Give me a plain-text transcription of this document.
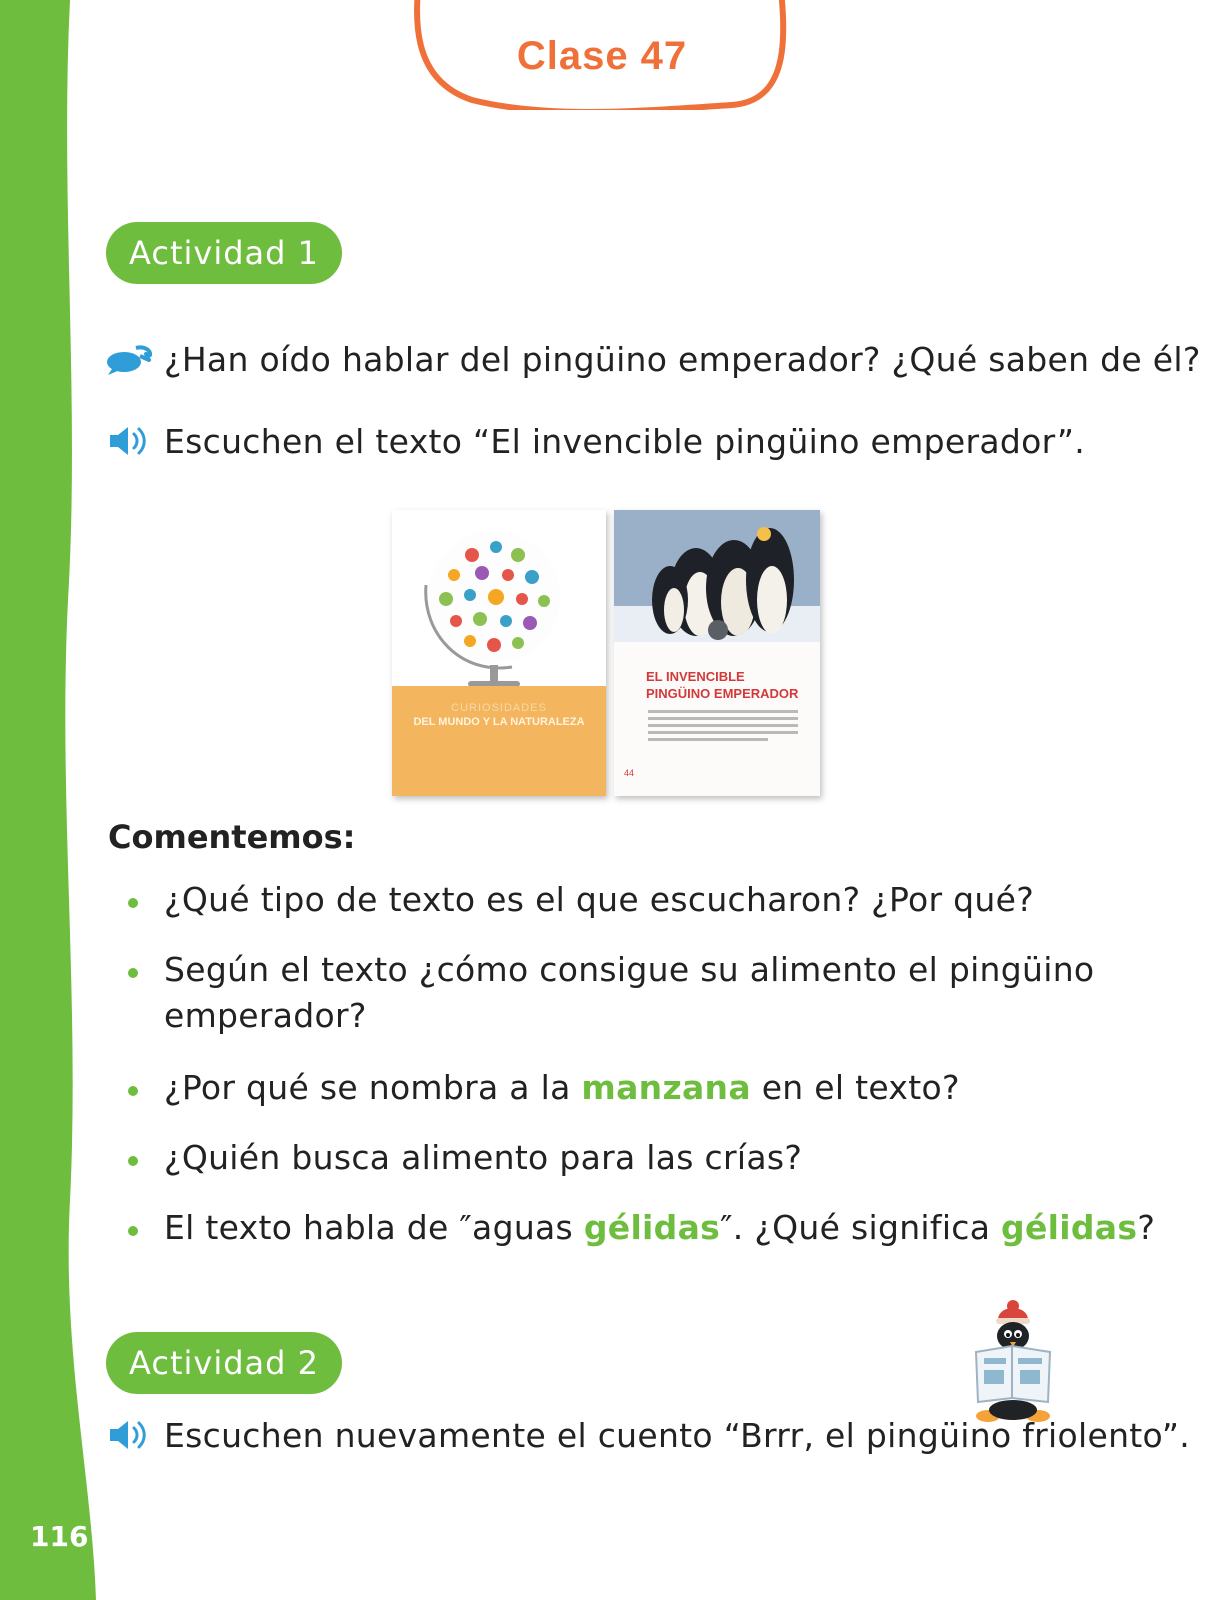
116
Clase 47
Actividad 1
¿Han oído hablar del pingüino emperador? ¿Qué saben de él?
Escuchen el texto “El invencible pingüino emperador”.
CURIOSIDADES
DEL MUNDO Y LA NATURALEZA
EL INVENCIBLE
PINGÜINO EMPERADOR
44
Comentemos:
¿Qué tipo de texto es el que escucharon? ¿Por qué?
Según el texto ¿cómo consigue su alimento el pingüino
emperador?
¿Por qué se nombra a la manzana en el texto?
¿Quién busca alimento para las crías?
El texto habla de ″aguas gélidas″. ¿Qué significa gélidas?
Actividad 2
Escuchen nuevamente el cuento “Brrr, el pingüino friolento”.
